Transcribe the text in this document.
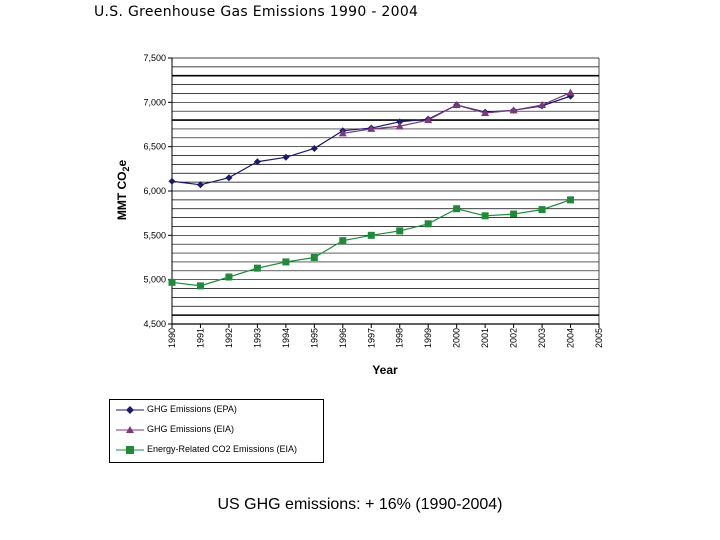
U.S. Greenhouse Gas Emissions 1990 - 2004
4,500
5,000
5,500
6,000
6,500
7,000
7,500
1990 1991 1992 1993 1994 1995 1996 1997 1998 1999 2000 2001 2002 2003 2004 2005
Year
MMT $CO_2e$
GHG Emissions (EPA)
GHG Emissions (EIA)
Energy-Related CO2 Emissions (EIA)
US GHG emissions: + 16% (1990-2004)
